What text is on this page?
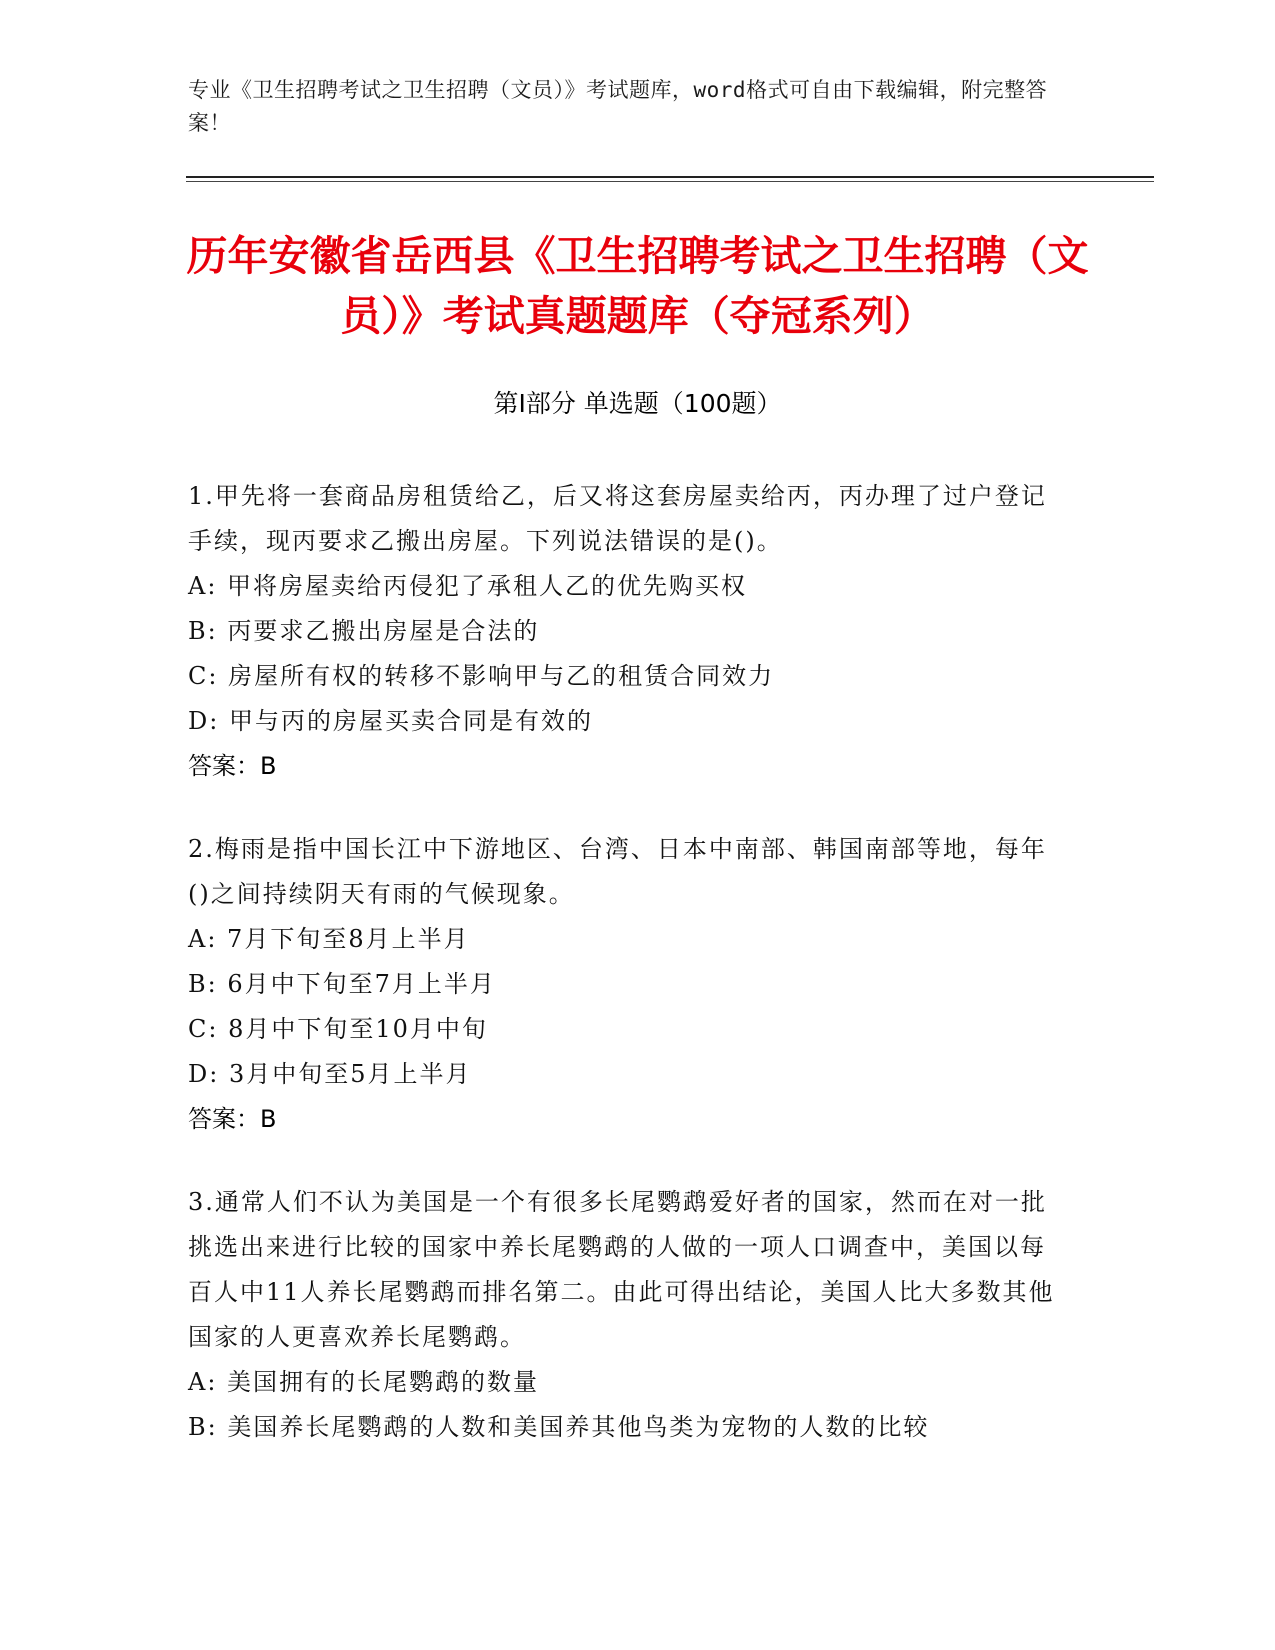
专业《卫生招聘考试之卫生招聘（文员）》考试题库，word格式可自由下载编辑，附完整答案！
历年安徽省岳西县《卫生招聘考试之卫生招聘（文员）》考试真题题库（夺冠系列）
第Ⅰ部分 单选题（100题）
1.甲先将一套商品房租赁给乙，后又将这套房屋卖给丙，丙办理了过户登记手续，现丙要求乙搬出房屋。下列说法错误的是()。
A: 甲将房屋卖给丙侵犯了承租人乙的优先购买权
B: 丙要求乙搬出房屋是合法的
C: 房屋所有权的转移不影响甲与乙的租赁合同效力
D: 甲与丙的房屋买卖合同是有效的
答案：B
2.梅雨是指中国长江中下游地区、台湾、日本中南部、韩国南部等地，每年()之间持续阴天有雨的气候现象。
A: 7月下旬至8月上半月
B: 6月中下旬至7月上半月
C: 8月中下旬至10月中旬
D: 3月中旬至5月上半月
答案：B
3.通常人们不认为美国是一个有很多长尾鹦鹉爱好者的国家，然而在对一批挑选出来进行比较的国家中养长尾鹦鹉的人做的一项人口调查中，美国以每百人中11人养长尾鹦鹉而排名第二。由此可得出结论，美国人比大多数其他国家的人更喜欢养长尾鹦鹉。
A: 美国拥有的长尾鹦鹉的数量
B: 美国养长尾鹦鹉的人数和美国养其他鸟类为宠物的人数的比较
